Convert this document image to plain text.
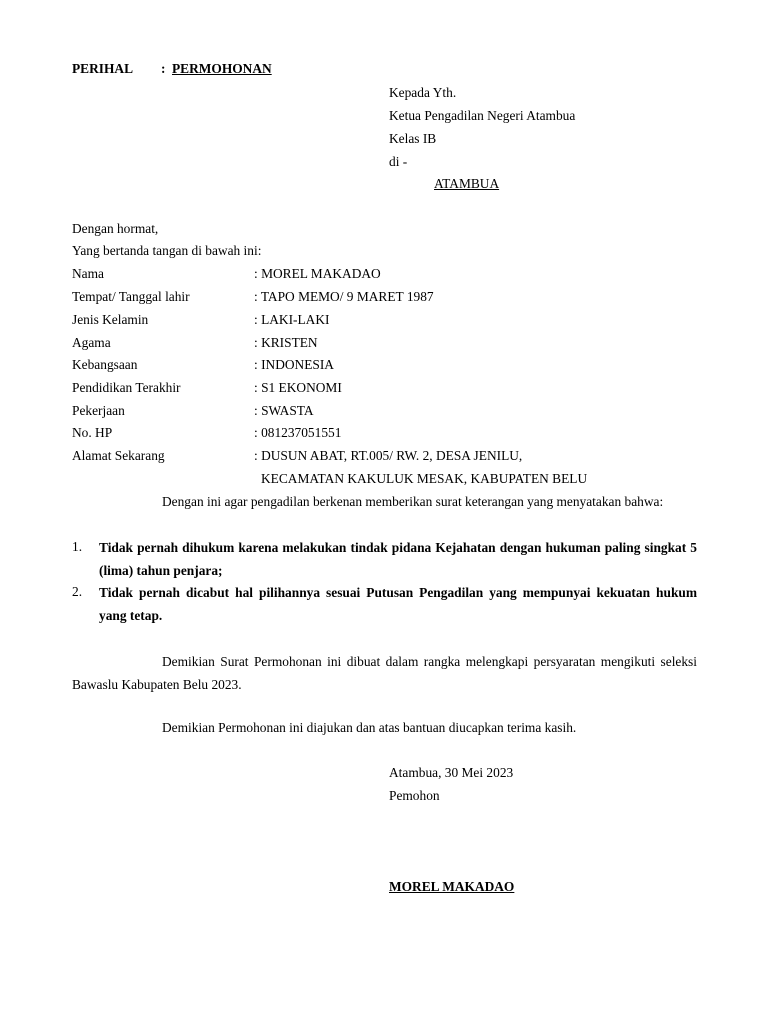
PERIHAL : PERMOHONAN
Kepada Yth.
Ketua Pengadilan Negeri Atambua
Kelas IB
di -
ATAMBUA
Dengan hormat,
Yang bertanda tangan di bawah ini:
Nama	: MOREL MAKADAO
Tempat/ Tanggal lahir	: TAPO MEMO/ 9 MARET 1987
Jenis Kelamin	: LAKI-LAKI
Agama	: KRISTEN
Kebangsaan	: INDONESIA
Pendidikan Terakhir	: S1 EKONOMI
Pekerjaan	: SWASTA
No. HP	: 081237051551
Alamat Sekarang	: DUSUN ABAT, RT.005/ RW. 2, DESA JENILU,
KECAMATAN KAKULUK MESAK, KABUPATEN BELU
Dengan ini agar pengadilan berkenan memberikan surat keterangan yang menyatakan bahwa:
1. Tidak pernah dihukum karena melakukan tindak pidana Kejahatan dengan hukuman paling singkat 5 (lima) tahun penjara;
2. Tidak pernah dicabut hal pilihannya sesuai Putusan Pengadilan yang mempunyai kekuatan hukum yang tetap.
Demikian Surat Permohonan ini dibuat dalam rangka melengkapi persyaratan mengikuti seleksi Bawaslu Kabupaten Belu 2023.
Demikian Permohonan ini diajukan dan atas bantuan diucapkan terima kasih.
Atambua, 30 Mei 2023
Pemohon
MOREL MAKADAO
